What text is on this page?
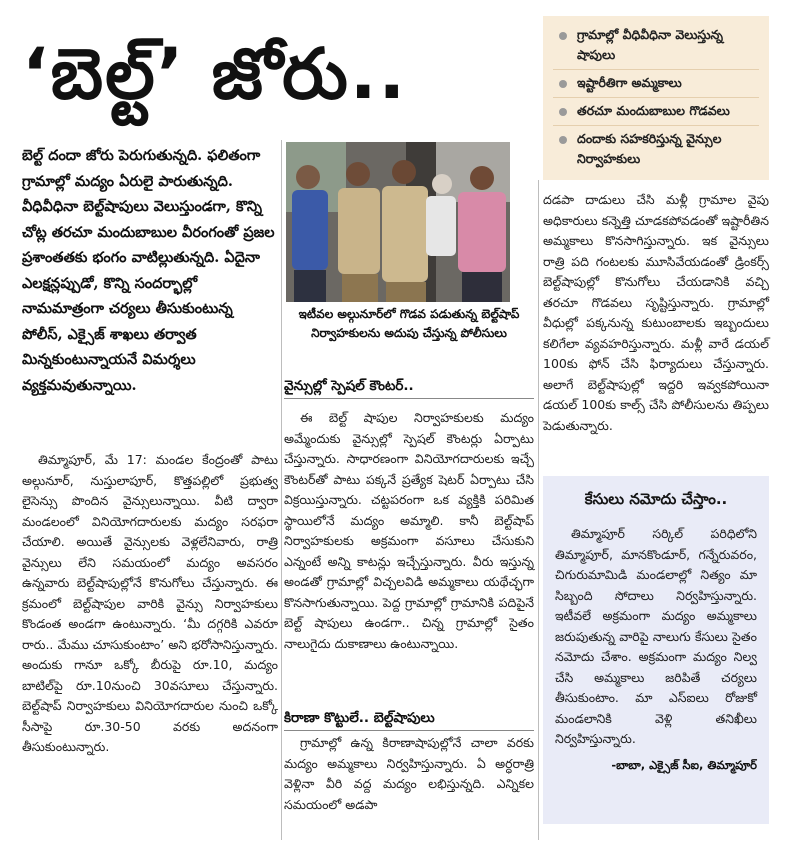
‘బెల్ట్’ జోరు..	గ్రామాల్లో వీధివీధినా వెలుస్తున్న షాపులు
ఇష్టారీతిగా అమ్మకాలు
తరచూ మందుబాబుల గొడవలు
దందాకు సహకరిస్తున్న వైన్సుల నిర్వాహకులు
బెల్ట్ దందా జోరు పెరుగుతున్నది. ఫలితంగా గ్రామాల్లో మద్యం ఏరులై పారుతున్నది. వీధివీధినా బెల్ట్‌షాపులు వెలుస్తుండగా, కొన్ని చోట్ల తరచూ మందుబాబుల వీరంగంతో ప్రజల ప్రశాంతతకు భంగం వాటిల్లుతున్నది. ఏదైనా ఎలక్షన్లప్పుడో, కొన్ని సందర్భాల్లో నామమాత్రంగా చర్యలు తీసుకుంటున్న పోలీస్, ఎక్సైజ్ శాఖలు తర్వాత మిన్నకుంటున్నాయనే విమర్శలు వ్యక్తమవుతున్నాయి.

తిమ్మాపూర్, మే 17: మండల కేంద్రంతో పాటు అల్గునూర్, నుస్తులాపూర్, కొత్తపల్లిలో ప్రభుత్వ లైసెన్సు పొందిన వైన్సులున్నాయి. వీటి ద్వారా మండలంలో వినియోగదారులకు మద్యం సరఫరా చేయాలి. అయితే వైన్సులకు వెళ్లలేనివారు, రాత్రి వైన్సులు లేని సమయంలో మద్యం అవసరం ఉన్నవారు బెల్ట్‌షాపుల్లోనే కొనుగోలు చేస్తున్నారు. ఈ క్రమంలో బెల్ట్‌షాపుల వారికి వైన్సు నిర్వాహకులు కొండంత అండగా ఉంటున్నారు. ‘మీ దగ్గరికి ఎవరూ రారు.. మేము చూసుకుంటాం’ అని భరోసానిస్తున్నారు. అందుకు గానూ ఒక్కో బీరుపై రూ.10, మద్యం బాటిల్‌పై రూ.10నుంచి 30వసూలు చేస్తున్నారు. బెల్ట్‌షాప్ నిర్వాహకులు వినియోగదారుల నుంచి ఒక్కో సీసాపై రూ.30-50 వరకు అదనంగా తీసుకుంటున్నారు.

ఇటీవల అల్గునూర్‌లో గొడవ పడుతున్న బెల్ట్‌షాప్ నిర్వాహకులను అదుపు చేస్తున్న పోలీసులు
వైన్సుల్లో స్పెషల్ కౌంటర్..

ఈ బెల్ట్ షాపుల నిర్వాహకులకు మద్యం అమ్మేందుకు వైన్సుల్లో స్పెషల్ కౌంటర్లు ఏర్పాటు చేస్తున్నారు. సాధారణంగా వినియోగదారులకు ఇచ్చే కౌంటర్‌తో పాటు పక్కనే ప్రత్యేక షెటర్ ఏర్పాటు చేసి విక్రయిస్తున్నారు. చట్టపరంగా ఒక వ్యక్తికి పరిమిత స్థాయిలోనే మద్యం అమ్మాలి. కానీ బెల్ట్‌షాప్ నిర్వాహకులకు అక్రమంగా వసూలు చేసుకుని ఎన్నంటే అన్ని కాటన్లు ఇచ్చేస్తున్నారు. వీరు ఇస్తున్న అండతో గ్రామాల్లో విచ్చలవిడి అమ్మకాలు యథేచ్ఛగా కొనసాగుతున్నాయి. పెద్ద గ్రామాల్లో గ్రామానికి పదిపైనే బెల్ట్ షాపులు ఉండగా.. చిన్న గ్రామాల్లో సైతం నాలుగైదు దుకాణాలు ఉంటున్నాయి.

కిరాణా కొట్టులే.. బెల్ట్‌షాపులు

గ్రామాల్లో ఉన్న కిరాణాషాపుల్లోనే చాలా వరకు మద్యం అమ్మకాలు నిర్వహిస్తున్నారు. ఏ అర్ధరాత్రి వెళ్లినా వీరి వద్ద మద్యం లభిస్తున్నది. ఎన్నికల సమయంలో అడపా

దడపా దాడులు చేసి మళ్లీ గ్రామాల వైపు అధికారులు కన్నెత్తి చూడకపోవడంతో ఇష్టారీతిన అమ్మకాలు కొనసాగిస్తున్నారు. ఇక వైన్సులు రాత్రి పది గంటలకు మూసివేయడంతో డ్రింకర్స్ బెల్ట్‌షాపుల్లో కొనుగోలు చేయడానికి వచ్చి తరచూ గొడవలు సృష్టిస్తున్నారు. గ్రామాల్లో వీధుల్లో పక్కనున్న కుటుంబాలకు ఇబ్బందులు కలిగేలా వ్యవహరిస్తున్నారు. మళ్లీ వారే డయల్ 100కు ఫోన్ చేసి ఫిర్యాదులు చేస్తున్నారు. అలాగే బెల్ట్‌షాపుల్లో ఇద్దరి ఇవ్వకపోయినా డయల్ 100కు కాల్స్ చేసి పోలీసులను తిప్పలు పెడుతున్నారు.

కేసులు నమోదు చేస్తాం..
తిమ్మాపూర్ సర్కిల్ పరిధిలోని తిమ్మాపూర్, మానకొండూర్, గన్నేరువరం, చిగురుమామిడి మండలాల్లో నిత్యం మా సిబ్బంది సోదాలు నిర్వహిస్తున్నారు. ఇటీవలే అక్రమంగా మద్యం అమ్మకాలు జరుపుతున్న వారిపై నాలుగు కేసులు సైతం నమోదు చేశాం. అక్రమంగా మద్యం నిల్వ చేసి అమ్మకాలు జరిపితే చర్యలు తీసుకుంటాం. మా ఎస్‌ఐలు రోజుకో మండలానికి వెళ్లి తనిఖీలు నిర్వహిస్తున్నారు.
-బాబా, ఎక్సైజ్ సీఐ, తిమ్మాపూర్
